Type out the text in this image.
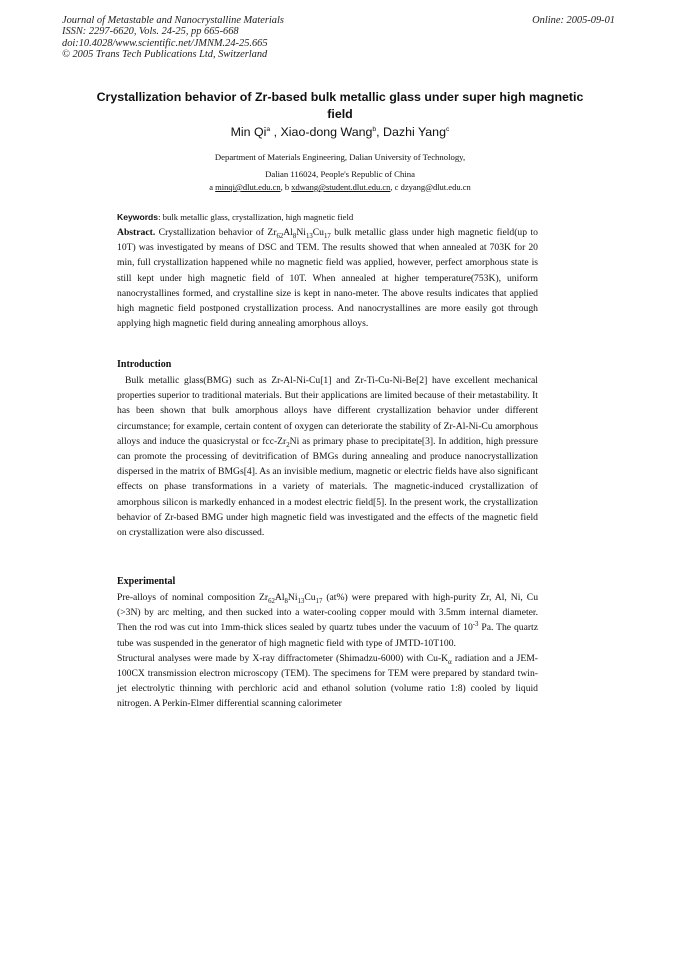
Journal of Metastable and Nanocrystalline Materials
ISSN: 2297-6620, Vols. 24-25, pp 665-668
doi:10.4028/www.scientific.net/JMNM.24-25.665
© 2005 Trans Tech Publications Ltd, Switzerland
Online: 2005-09-01
Crystallization behavior of Zr-based bulk metallic glass under super high magnetic field
Min Qi$^a$ , Xiao-dong Wang$^b$, Dazhi Yang$^c$
Department of Materials Engineering, Dalian University of Technology,
Dalian 116024, People's Republic of China
a minqi@dlut.edu.cn, b xdwang@student.dlut.edu.cn, c dzyang@dlut.edu.cn
Keywords: bulk metallic glass, crystallization, high magnetic field
Abstract. Crystallization behavior of $Zr_{62}Al_8Ni_{13}Cu_{17}$ bulk metallic glass under high magnetic field(up to 10T) was investigated by means of DSC and TEM. The results showed that when annealed at 703K for 20 min, full crystallization happened while no magnetic field was applied, however, perfect amorphous state is still kept under high magnetic field of 10T. When annealed at higher temperature(753K), uniform nanocrystallines formed, and crystalline size is kept in nano-meter. The above results indicates that applied high magnetic field postponed crystallization process. And nanocrystallines are more easily got through applying high magnetic field during annealing amorphous alloys.
Introduction

Bulk metallic glass(BMG) such as Zr-Al-Ni-Cu[1] and Zr-Ti-Cu-Ni-Be[2] have excellent mechanical properties superior to traditional materials. But their applications are limited because of their metastability. It has been shown that bulk amorphous alloys have different crystallization behavior under different circumstance; for example, certain content of oxygen can deteriorate the stability of Zr-Al-Ni-Cu amorphous alloys and induce the quasicrystal or fcc-$Zr_2Ni$ as primary phase to precipitate[3]. In addition, high pressure can promote the processing of devitrification of BMGs during annealing and produce nanocrystallization dispersed in the matrix of BMGs[4]. As an invisible medium, magnetic or electric fields have also significant effects on phase transformations in a variety of materials. The magnetic-induced crystallization of amorphous silicon is markedly enhanced in a modest electric field[5]. In the present work, the crystallization behavior of Zr-based BMG under high magnetic field was investigated and the effects of the magnetic field on crystallization were also discussed.

Experimental

Pre-alloys of nominal composition $Zr_{62}Al_8Ni_{13}Cu_{17}$ (at%) were prepared with high-purity Zr, Al, Ni, Cu (>3N) by arc melting, and then sucked into a water-cooling copper mould with 3.5mm internal diameter. Then the rod was cut into 1mm-thick slices sealed by quartz tubes under the vacuum of $10^{-3}$ Pa. The quartz tube was suspended in the generator of high magnetic field with type of JMTD-10T100.

Structural analyses were made by X-ray diffractometer (Shimadzu-6000) with $Cu-K_\alpha$ radiation and a JEM-100CX transmission electron microscopy (TEM). The specimens for TEM were prepared by standard twin-jet electrolytic thinning with perchloric acid and ethanol solution (volume ratio 1:8) cooled by liquid nitrogen. A Perkin-Elmer differential scanning calorimeter
